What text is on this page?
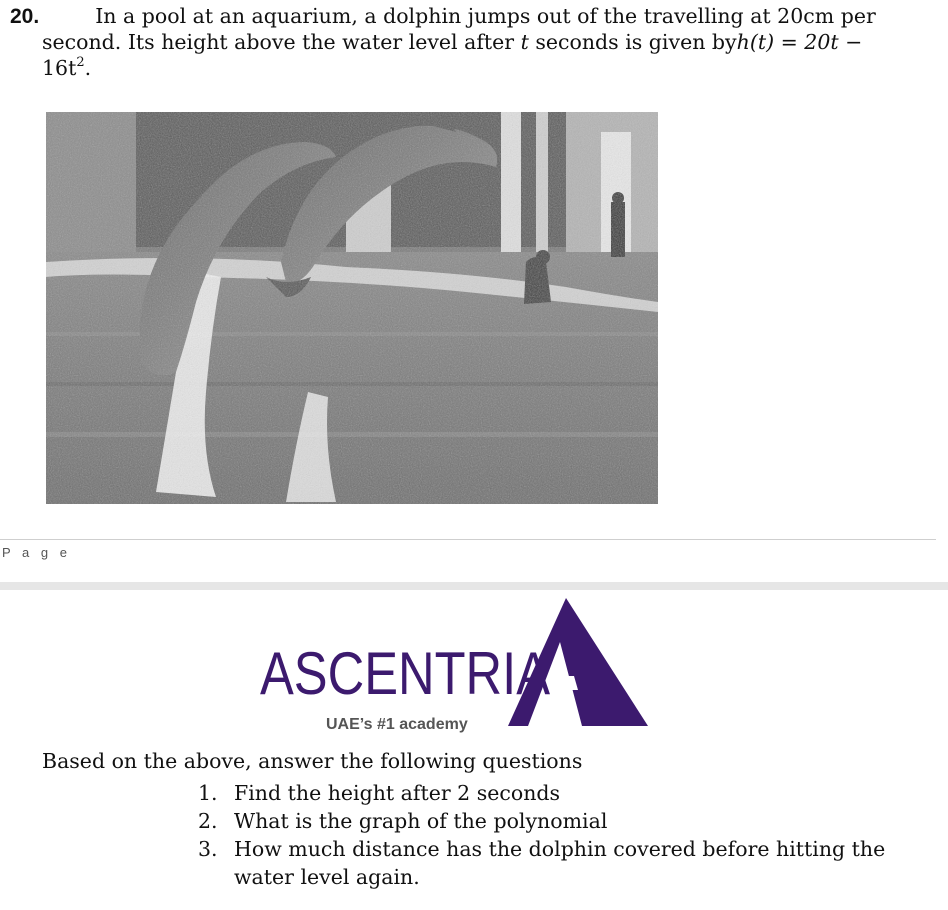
20.	In a pool at an aquarium, a dolphin jumps out of the travelling at 20cm per
second. Its height above the water level after t seconds is given byh(t) = 20t −
$16t^2$.
P a g e
ASCENTRIA
UAE’s #1 academy
Based on the above, answer the following questions
1. Find the height after 2 seconds
2. What is the graph of the polynomial
3. How much distance has the dolphin covered before hitting the water level again.
